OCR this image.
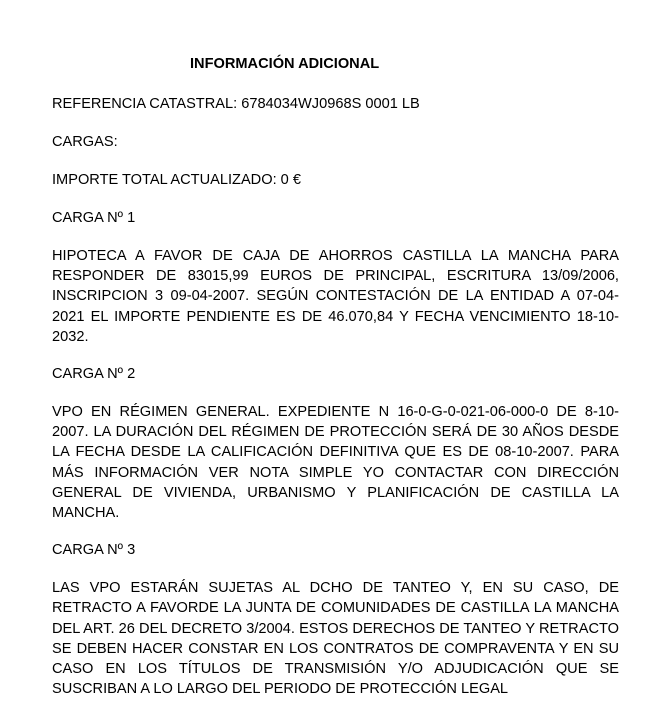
INFORMACIÓN ADICIONAL
REFERENCIA CATASTRAL: 6784034WJ0968S 0001 LB
CARGAS:
IMPORTE TOTAL ACTUALIZADO: 0 €
CARGA Nº 1
HIPOTECA A FAVOR DE CAJA DE AHORROS CASTILLA LA MANCHA PARA RESPONDER DE 83015,99 EUROS DE PRINCIPAL, ESCRITURA 13/09/2006, INSCRIPCION 3 09-04-2007. SEGÚN CONTESTACIÓN DE LA ENTIDAD A 07-04-2021 EL IMPORTE PENDIENTE ES DE 46.070,84 Y FECHA VENCIMIENTO 18-10-2032.
CARGA Nº 2
VPO EN RÉGIMEN GENERAL. EXPEDIENTE N 16-0-G-0-021-06-000-0 DE 8-10-2007. LA DURACIÓN DEL RÉGIMEN DE PROTECCIÓN SERÁ DE 30 AÑOS DESDE LA FECHA DESDE LA CALIFICACIÓN DEFINITIVA QUE ES DE 08-10-2007. PARA MÁS INFORMACIÓN VER NOTA SIMPLE YO CONTACTAR CON DIRECCIÓN GENERAL DE VIVIENDA, URBANISMO Y PLANIFICACIÓN DE CASTILLA LA MANCHA.
CARGA Nº 3
LAS VPO ESTARÁN SUJETAS AL DCHO DE TANTEO Y, EN SU CASO, DE RETRACTO A FAVORDE LA JUNTA DE COMUNIDADES DE CASTILLA LA MANCHA DEL ART. 26 DEL DECRETO 3/2004. ESTOS DERECHOS DE TANTEO Y RETRACTO SE DEBEN HACER CONSTAR EN LOS CONTRATOS DE COMPRAVENTA Y EN SU CASO EN LOS TÍTULOS DE TRANSMISIÓN Y/O ADJUDICACIÓN QUE SE SUSCRIBAN A LO LARGO DEL PERIODO DE PROTECCIÓN LEGAL
